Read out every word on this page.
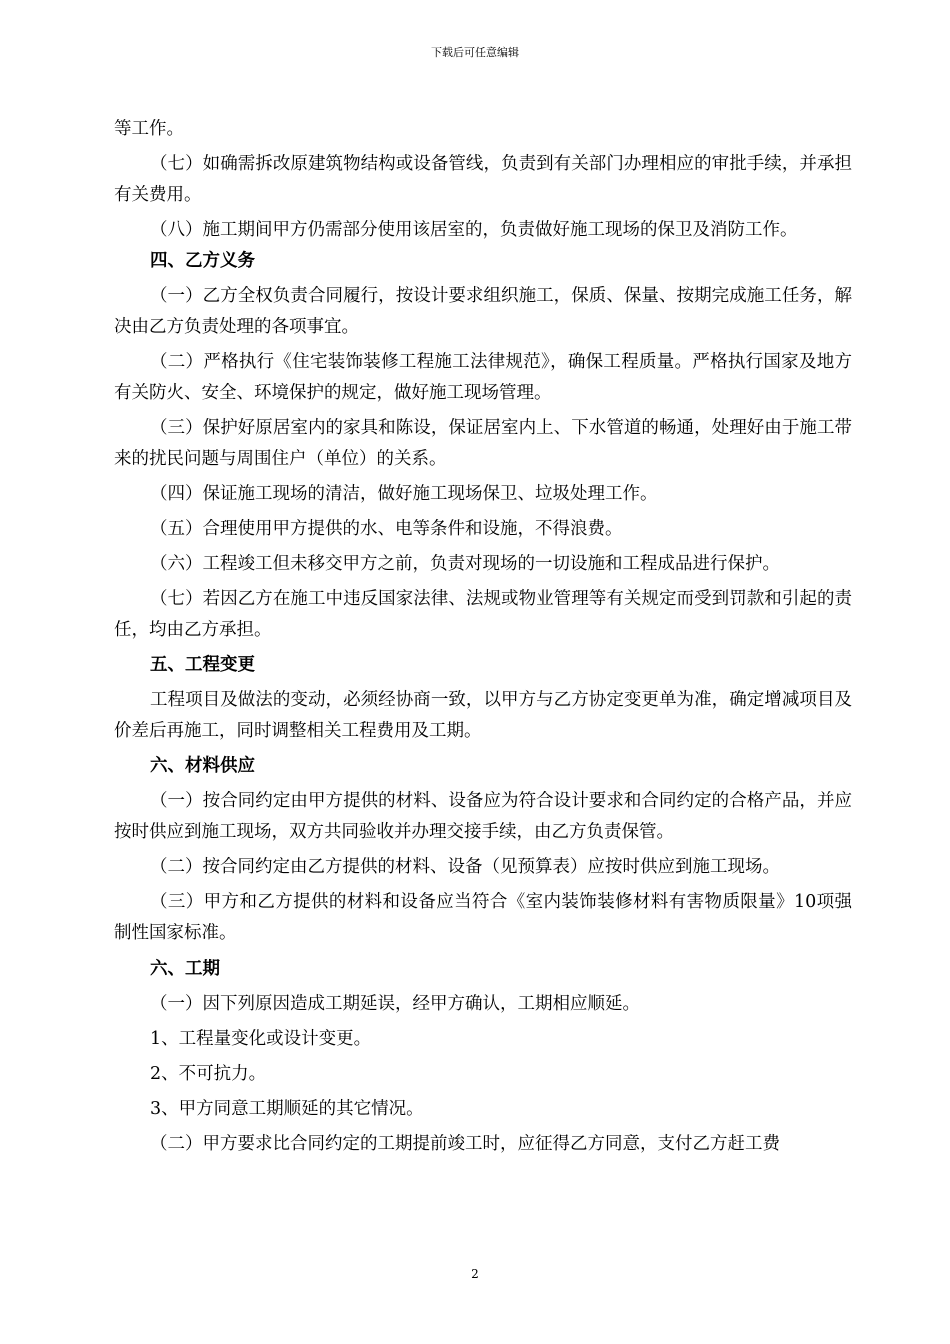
下载后可任意编辑

等工作。

（七）如确需拆改原建筑物结构或设备管线，负责到有关部门办理相应的审批手续，并承担有关费用。

（八）施工期间甲方仍需部分使用该居室的，负责做好施工现场的保卫及消防工作。

四、乙方义务

（一）乙方全权负责合同履行，按设计要求组织施工，保质、保量、按期完成施工任务，解决由乙方负责处理的各项事宜。

（二）严格执行《住宅装饰装修工程施工法律规范》，确保工程质量。严格执行国家及地方有关防火、安全、环境保护的规定，做好施工现场管理。

（三）保护好原居室内的家具和陈设，保证居室内上、下水管道的畅通，处理好由于施工带来的扰民问题与周围住户（单位）的关系。

（四）保证施工现场的清洁，做好施工现场保卫、垃圾处理工作。

（五）合理使用甲方提供的水、电等条件和设施，不得浪费。

（六）工程竣工但未移交甲方之前，负责对现场的一切设施和工程成品进行保护。

（七）若因乙方在施工中违反国家法律、法规或物业管理等有关规定而受到罚款和引起的责任，均由乙方承担。

五、工程变更

工程项目及做法的变动，必须经协商一致，以甲方与乙方协定变更单为准，确定增减项目及价差后再施工，同时调整相关工程费用及工期。

六、材料供应

（一）按合同约定由甲方提供的材料、设备应为符合设计要求和合同约定的合格产品，并应按时供应到施工现场，双方共同验收并办理交接手续，由乙方负责保管。

（二）按合同约定由乙方提供的材料、设备（见预算表）应按时供应到施工现场。

（三）甲方和乙方提供的材料和设备应当符合《室内装饰装修材料有害物质限量》10项强制性国家标准。

六、工期

（一）因下列原因造成工期延误，经甲方确认，工期相应顺延。

1、工程量变化或设计变更。

2、不可抗力。

3、甲方同意工期顺延的其它情况。

（二）甲方要求比合同约定的工期提前竣工时，应征得乙方同意，支付乙方赶工费

2
